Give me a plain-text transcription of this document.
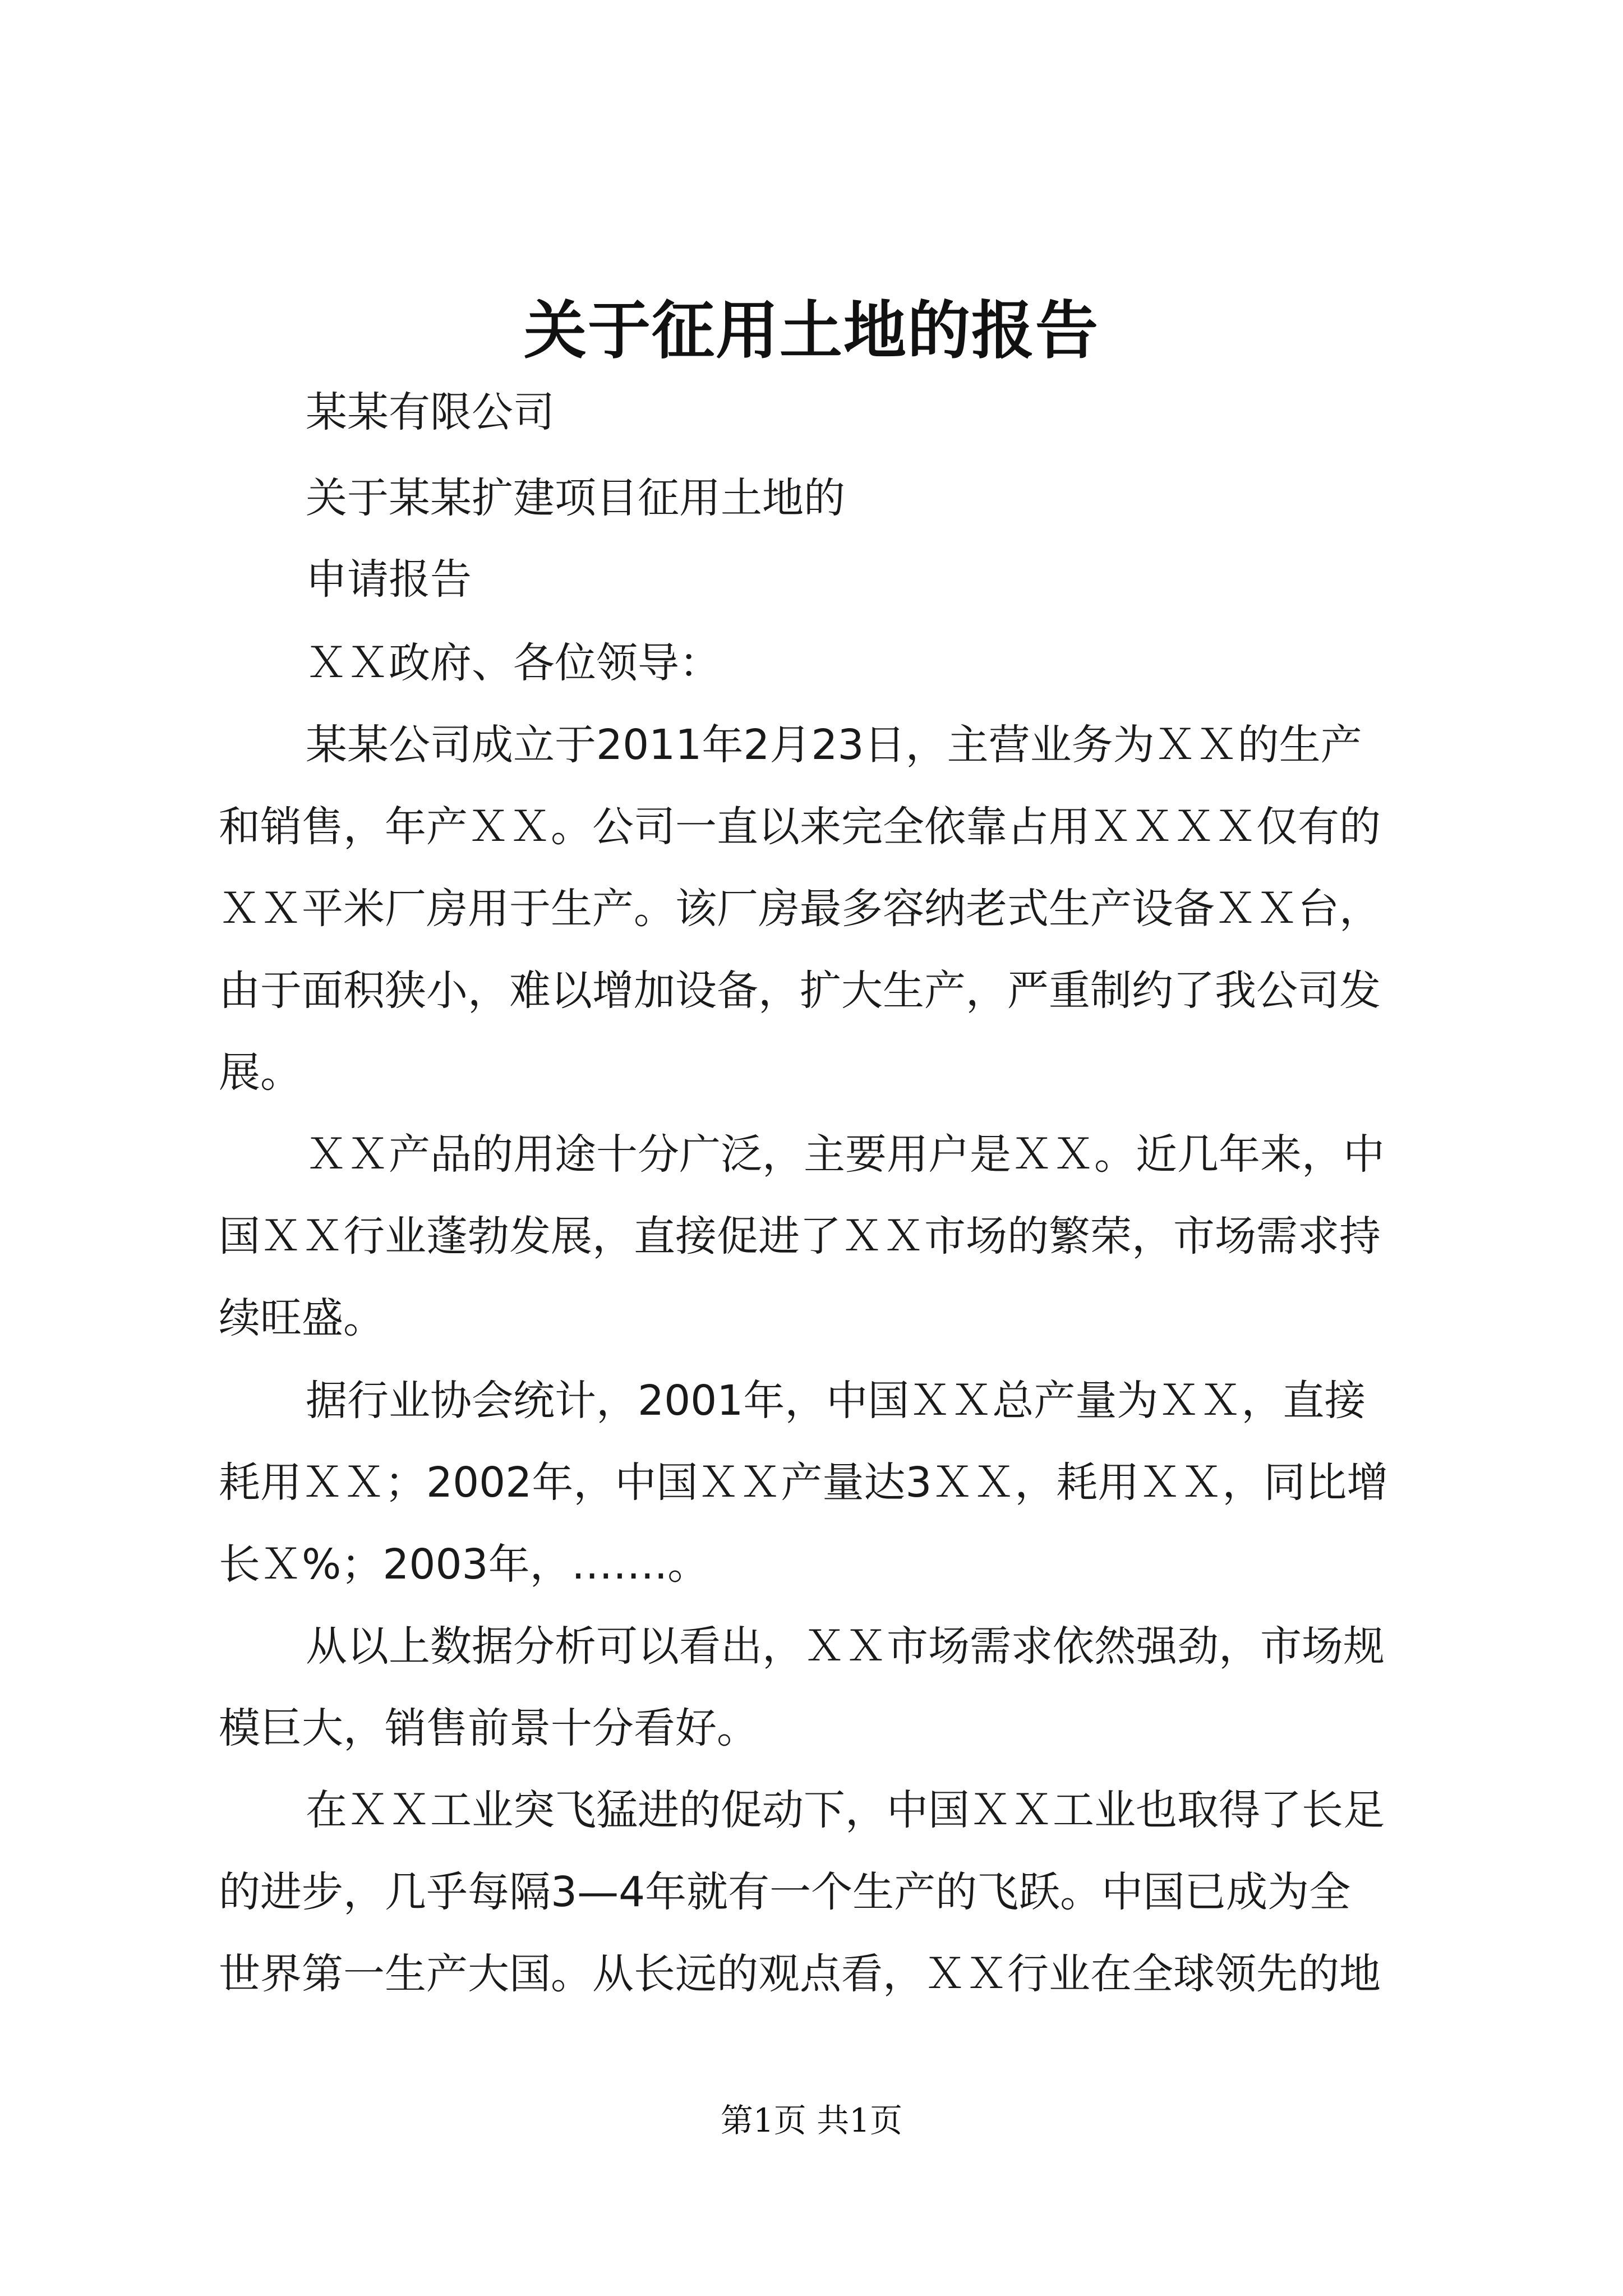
关于征用土地的报告
某某有限公司
关于某某扩建项目征用土地的
申请报告
ＸＸ政府、各位领导：
某某公司成立于2011年2月23日，主营业务为ＸＸ的生产
和销售，年产ＸＸ。公司一直以来完全依靠占用ＸＸＸＸ仅有的
ＸＸ平米厂房用于生产。该厂房最多容纳老式生产设备ＸＸ台，
由于面积狭小，难以增加设备，扩大生产，严重制约了我公司发
展。
ＸＸ产品的用途十分广泛，主要用户是ＸＸ。近几年来，中
国ＸＸ行业蓬勃发展，直接促进了ＸＸ市场的繁荣，市场需求持
续旺盛。
据行业协会统计，2001年，中国ＸＸ总产量为ＸＸ，直接
耗用ＸＸ；2002年，中国ＸＸ产量达3ＸＸ，耗用ＸＸ，同比增
长Ｘ%；2003年，…….。
从以上数据分析可以看出，ＸＸ市场需求依然强劲，市场规
模巨大，销售前景十分看好。
在ＸＸ工业突飞猛进的促动下，中国ＸＸ工业也取得了长足
的进步，几乎每隔3—4年就有一个生产的飞跃。中国已成为全
世界第一生产大国。从长远的观点看，ＸＸ行业在全球领先的地
第1页 共1页
